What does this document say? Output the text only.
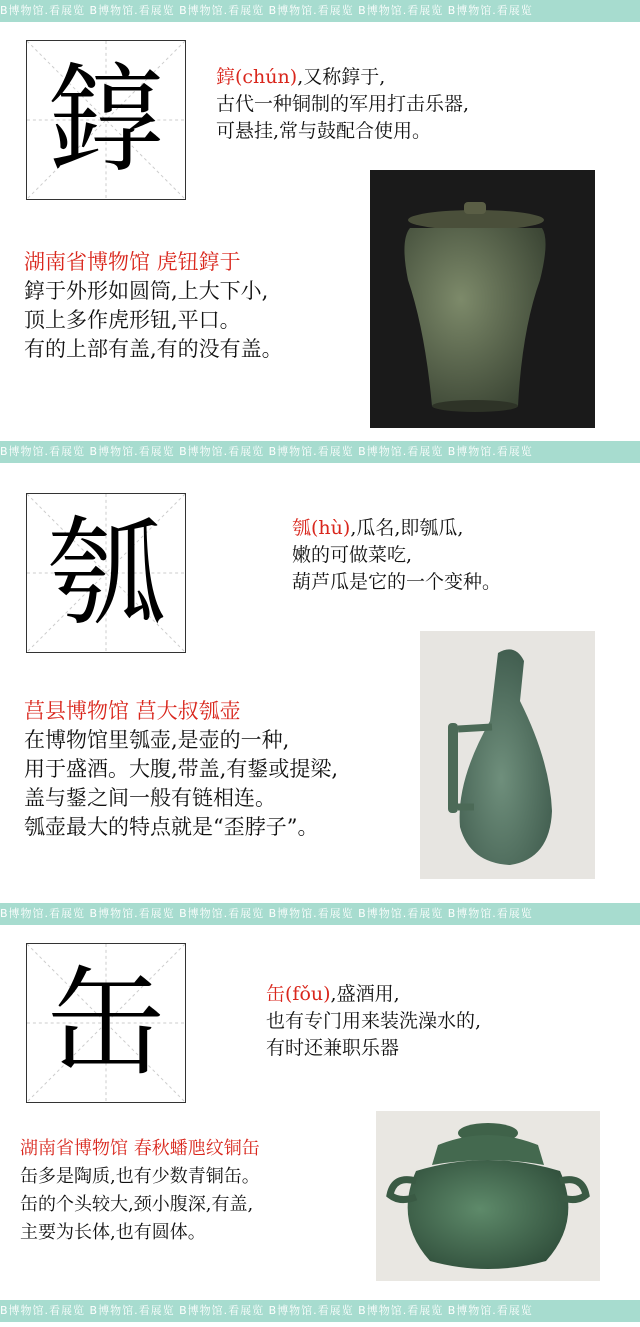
B博物馆.看展览 B博物馆.看展览 B博物馆.看展览 B博物馆.看展览 B博物馆.看展览 B博物馆.看展览
B博物馆.看展览 B博物馆.看展览 B博物馆.看展览 B博物馆.看展览 B博物馆.看展览 B博物馆.看展览
B博物馆.看展览 B博物馆.看展览 B博物馆.看展览 B博物馆.看展览 B博物馆.看展览 B博物馆.看展览
B博物馆.看展览 B博物馆.看展览 B博物馆.看展览 B博物馆.看展览 B博物馆.看展览 B博物馆.看展览
錞	錞(chún),又称錞于,
古代一种铜制的军用打击乐器,
可悬挂,常与鼓配合使用。
湖南省博物馆 虎钮錞于
錞于外形如圆筒,上大下小,
顶上多作虎形钮,平口。
有的上部有盖,有的没有盖。
瓠	瓠(hù),瓜名,即瓠瓜,
嫩的可做菜吃,
葫芦瓜是它的一个变种。
莒县博物馆 莒大叔瓠壶
在博物馆里瓠壶,是壶的一种,
用于盛酒。大腹,带盖,有鋬或提梁,
盖与鋬之间一般有链相连。
瓠壶最大的特点就是“歪脖子”。
缶	缶(fǒu),盛酒用,
也有专门用来装洗澡水的,
有时还兼职乐器
湖南省博物馆 春秋蟠虺纹铜缶
缶多是陶质,也有少数青铜缶。
缶的个头较大,颈小腹深,有盖,
主要为长体,也有圆体。
